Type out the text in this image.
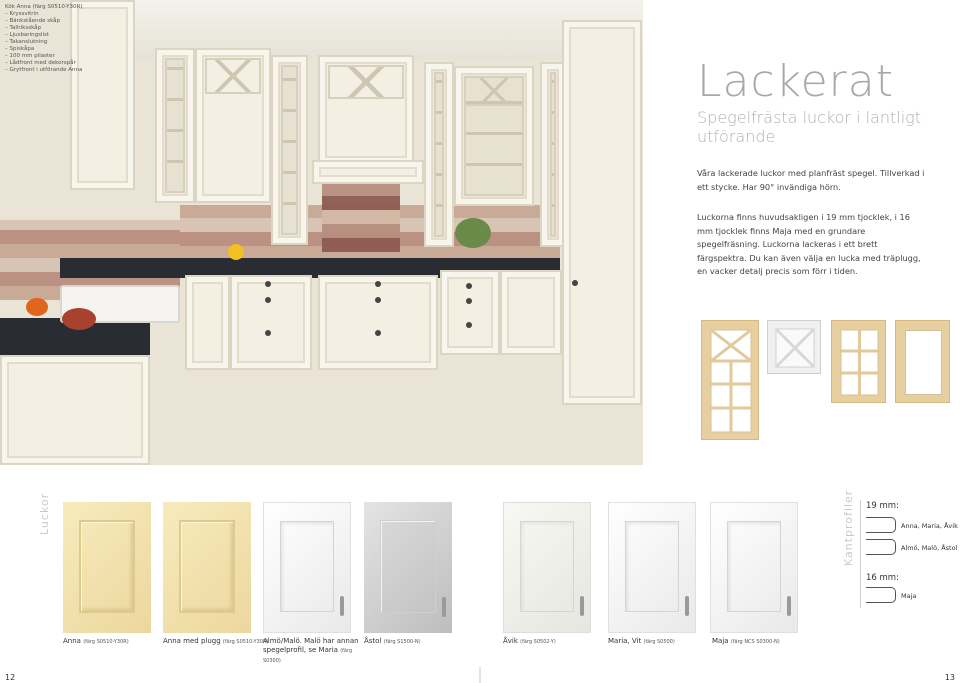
Kök Anna (färg S0510-Y30R)
– Kryssvitrin
– Bänkstående skåp
– Tallriksskåp
– Ljusbaringslist
– Takanslutning
– Spiskåpa
– 100 mm pilaster
– Lådfront med dekorspår
– Grytfront i utförande Anna	Lackerat
Spegelfrästa luckor i lantligt utförande

Våra lackerade luckor med planfräst spegel. Tillverkad i ett stycke. Har 90° invändiga hörn.

Luckorna finns huvudsakligen i 19 mm tjocklek, i 16 mm tjocklek finns Maja med en grundare spegelfräsning. Luckorna lackeras i ett brett färgspektra. Du kan även välja en lucka med träplugg, en vacker detalj precis som förr i tiden.

Luckor
Anna (färg S0510-Y30R)	Anna med plugg (färg S0510-Y30R)
Almö/Malö. Malö har annan spegelprofil, se Maria (färg S0300)
Åstol (färg S1500-N)	Åvik (färg S0502-Y)	Maria, Vit (färg S0500)	Maja (färg NCS S0300-N)
Kantprofiler 19 mm:
Anna, Maria, Åvik
Almö, Malö, Åstol
16 mm:
Maja
12	13
